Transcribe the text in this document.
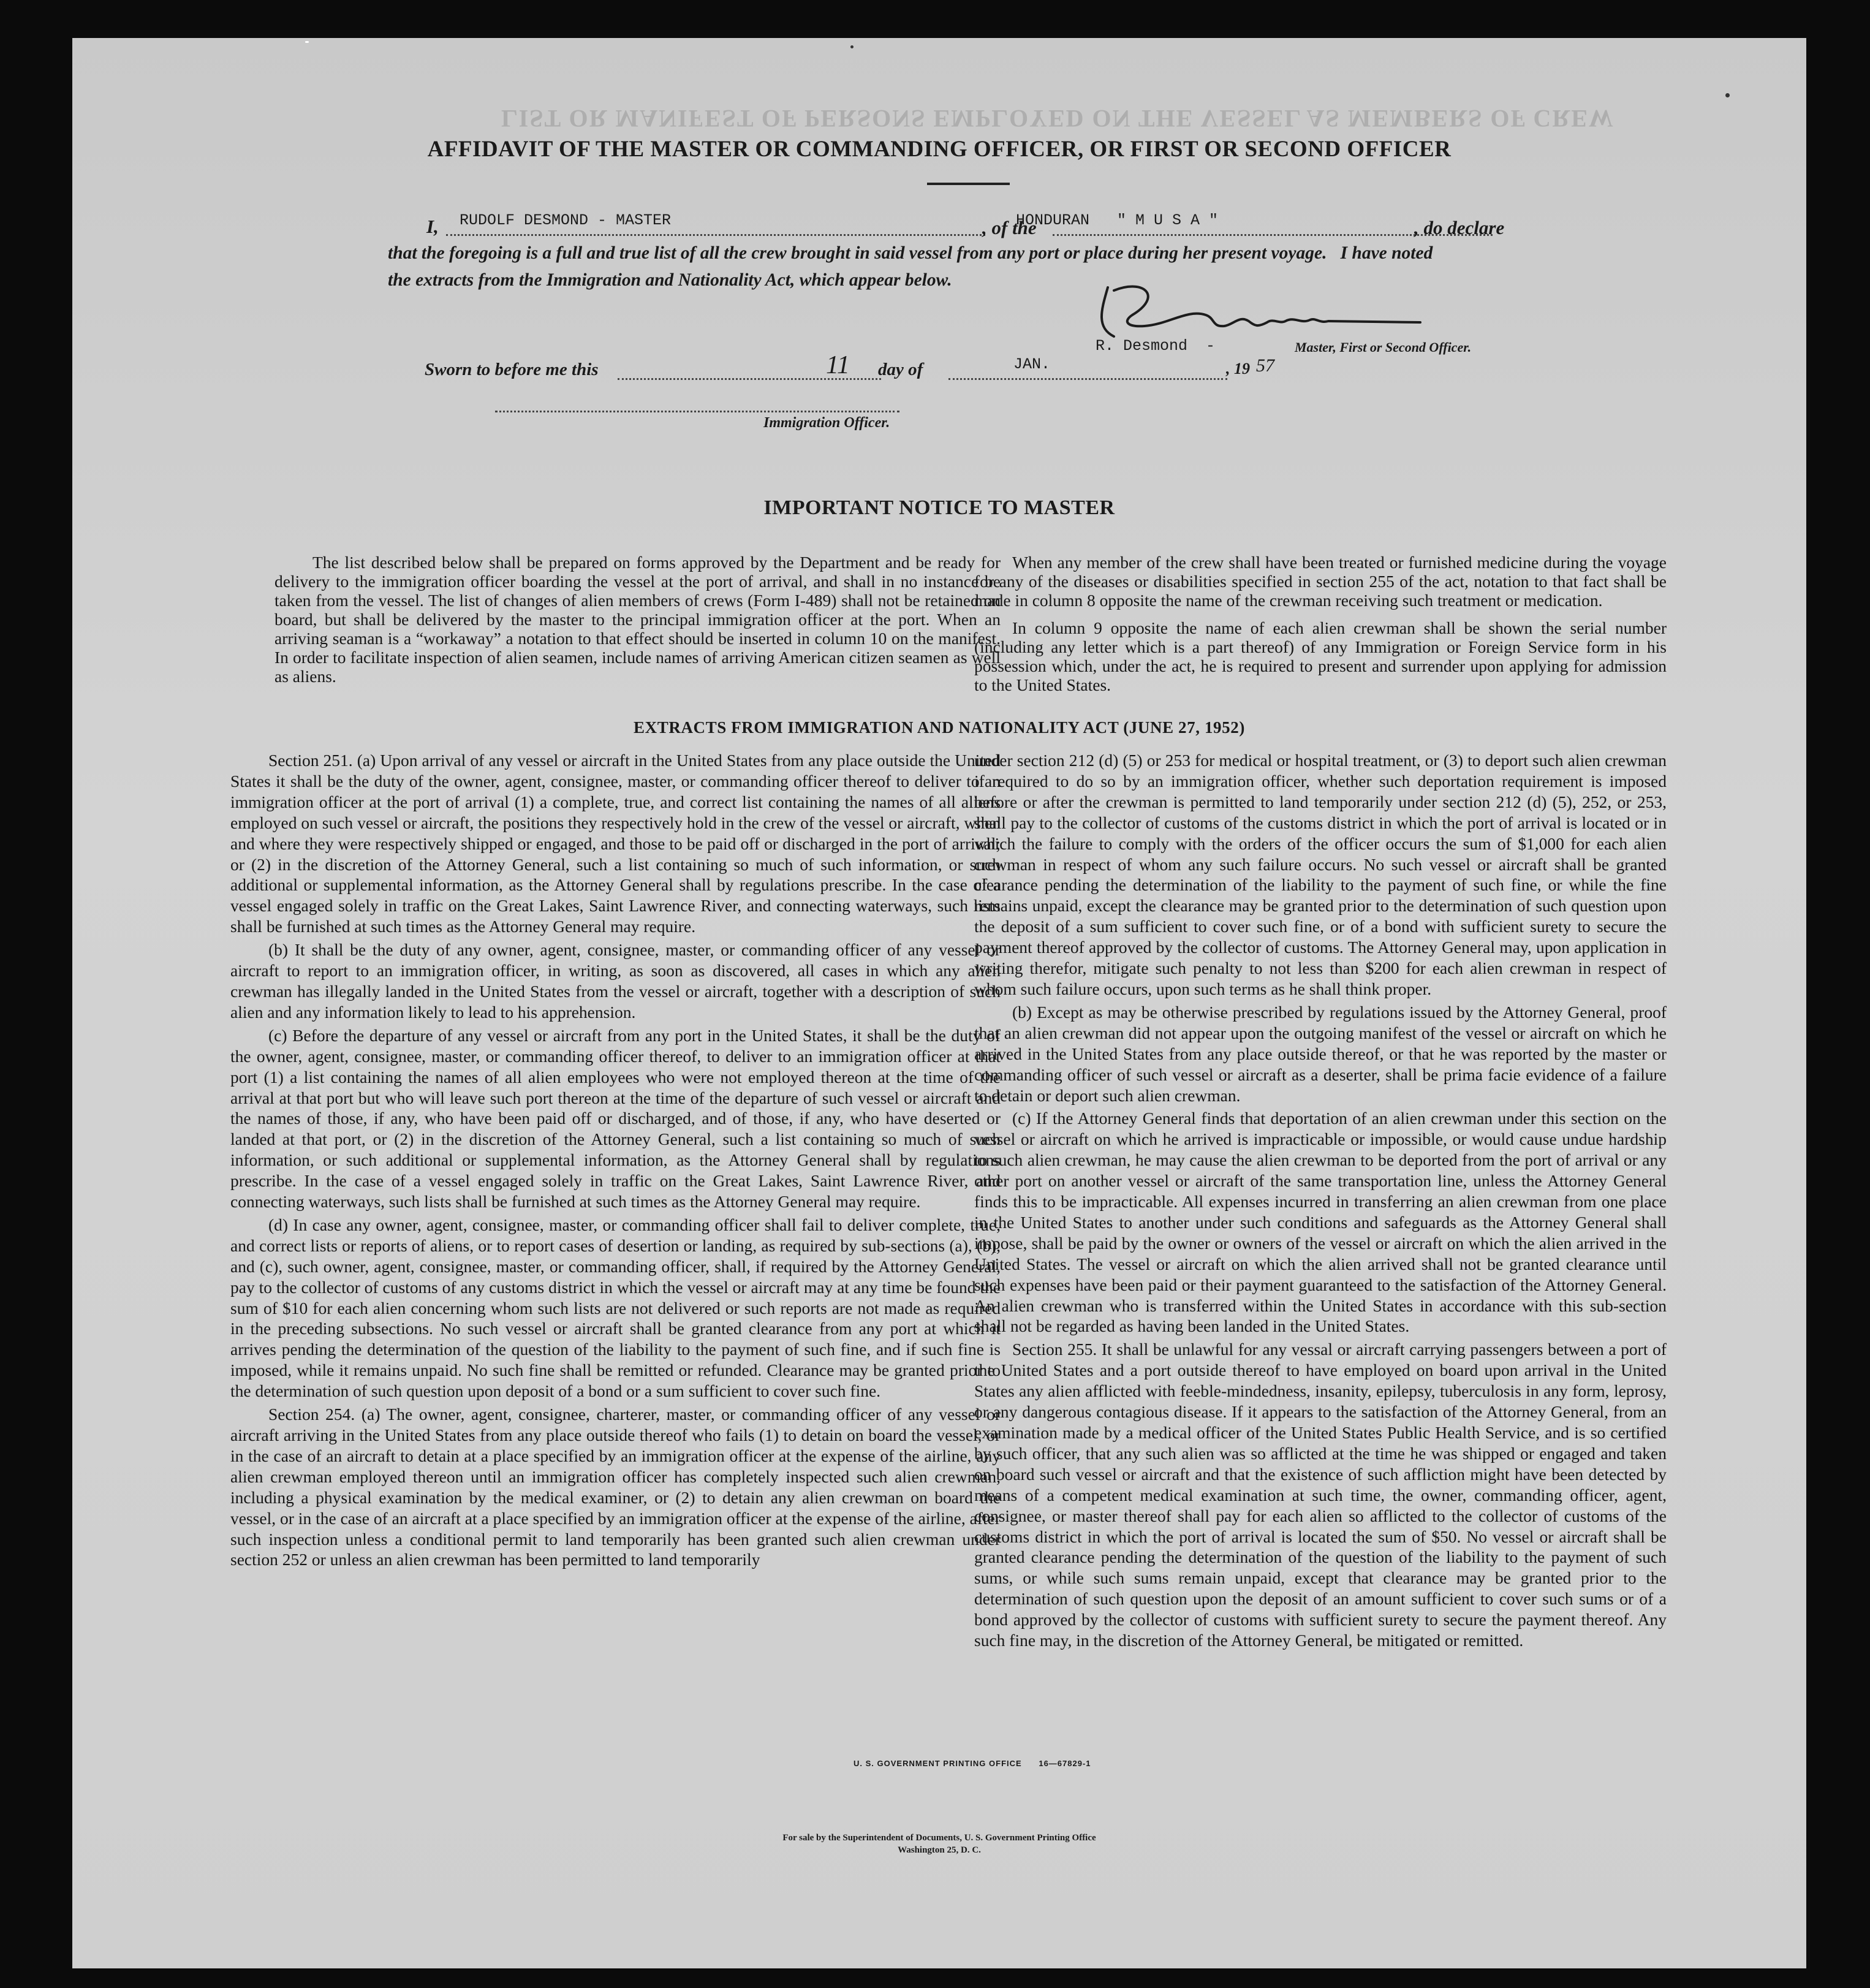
LIST OR MANIFEST OF PERSONS EMPLOYED ON THE VESSEL AS MEMBERS OF CREW
AFFIDAVIT OF THE MASTER OR COMMANDING OFFICER, OR FIRST OR SECOND OFFICER
I, RUDOLF DESMOND - MASTER	, of the
HONDURAN   " M U S A "	, do declare
that the foregoing is a full and true list of all the crew brought in said vessel from any port or place during her present voyage.   I have noted
the extracts from the Immigration and Nationality Act, which appear below.
R. Desmond  -	Master, First or Second Officer.
Sworn to before me this	11 day of	JAN.	, 19 57
Immigration Officer.
IMPORTANT NOTICE TO MASTER

The list described below shall be prepared on forms approved by the Department and be ready for delivery to the immigration officer boarding the vessel at the port of arrival, and shall in no instance be taken from the vessel. The list of changes of alien members of crews (Form I-489) shall not be retained on board, but shall be delivered by the master to the principal immigration officer at the port. When an arriving seaman is a “workaway” a notation to that effect should be inserted in column 10 on the manifest. In order to facilitate inspection of alien seamen, include names of arriving American citizen seamen as well as aliens.

When any member of the crew shall have been treated or furnished medicine during the voyage for any of the diseases or disabilities specified in section 255 of the act, notation to that fact shall be made in column 8 opposite the name of the crewman receiving such treatment or medication.

In column 9 opposite the name of each alien crewman shall be shown the serial number (including any letter which is a part thereof) of any Immigration or Foreign Service form in his possession which, under the act, he is required to present and surrender upon applying for admission to the United States.

EXTRACTS FROM IMMIGRATION AND NATIONALITY ACT (JUNE 27, 1952)

Section 251. (a) Upon arrival of any vessel or aircraft in the United States from any place outside the United States it shall be the duty of the owner, agent, consignee, master, or commanding officer thereof to deliver to an immigration officer at the port of arrival (1) a complete, true, and correct list containing the names of all aliens employed on such vessel or aircraft, the positions they respectively hold in the crew of the vessel or aircraft, when and where they were respectively shipped or engaged, and those to be paid off or discharged in the port of arrival; or (2) in the discretion of the Attorney General, such a list containing so much of such information, or such additional or supplemental information, as the Attorney General shall by regulations prescribe. In the case of a vessel engaged solely in traffic on the Great Lakes, Saint Lawrence River, and connecting waterways, such lists shall be furnished at such times as the Attorney General may require.

(b) It shall be the duty of any owner, agent, consignee, master, or commanding officer of any vessel or aircraft to report to an immigration officer, in writing, as soon as discovered, all cases in which any alien crewman has illegally landed in the United States from the vessel or aircraft, together with a description of such alien and any information likely to lead to his apprehension.

(c) Before the departure of any vessel or aircraft from any port in the United States, it shall be the duty of the owner, agent, consignee, master, or commanding officer thereof, to deliver to an immigration officer at that port (1) a list containing the names of all alien employees who were not employed thereon at the time of the arrival at that port but who will leave such port thereon at the time of the departure of such vessel or aircraft and the names of those, if any, who have been paid off or discharged, and of those, if any, who have deserted or landed at that port, or (2) in the discretion of the Attorney General, such a list containing so much of such information, or such additional or supplemental information, as the Attorney General shall by regulations prescribe. In the case of a vessel engaged solely in traffic on the Great Lakes, Saint Lawrence River, and connecting waterways, such lists shall be furnished at such times as the Attorney General may require.

(d) In case any owner, agent, consignee, master, or commanding officer shall fail to deliver complete, true, and correct lists or reports of aliens, or to report cases of desertion or landing, as required by sub-sections (a), (b), and (c), such owner, agent, consignee, master, or commanding officer, shall, if required by the Attorney General, pay to the collector of customs of any customs district in which the vessel or aircraft may at any time be found the sum of $10 for each alien concerning whom such lists are not delivered or such reports are not made as required in the preceding subsections. No such vessel or aircraft shall be granted clearance from any port at which it arrives pending the determination of the question of the liability to the payment of such fine, and if such fine is imposed, while it remains unpaid. No such fine shall be remitted or refunded. Clearance may be granted prior to the determination of such question upon deposit of a bond or a sum sufficient to cover such fine.

Section 254. (a) The owner, agent, consignee, charterer, master, or commanding officer of any vessel or aircraft arriving in the United States from any place outside thereof who fails (1) to detain on board the vessel, or in the case of an aircraft to detain at a place specified by an immigration officer at the expense of the airline, any alien crewman employed thereon until an immigration officer has completely inspected such alien crewman, including a physical examination by the medical examiner, or (2) to detain any alien crewman on board the vessel, or in the case of an aircraft at a place specified by an immigration officer at the expense of the airline, after such inspection unless a conditional permit to land temporarily has been granted such alien crewman under section 252 or unless an alien crewman has been permitted to land temporarily

under section 212 (d) (5) or 253 for medical or hospital treatment, or (3) to deport such alien crewman if required to do so by an immigration officer, whether such deportation requirement is imposed before or after the crewman is permitted to land temporarily under section 212 (d) (5), 252, or 253, shall pay to the collector of customs of the customs district in which the port of arrival is located or in which the failure to comply with the orders of the officer occurs the sum of $1,000 for each alien crewman in respect of whom any such failure occurs. No such vessel or aircraft shall be granted clearance pending the determination of the liability to the payment of such fine, or while the fine remains unpaid, except the clearance may be granted prior to the determination of such question upon the deposit of a sum sufficient to cover such fine, or of a bond with sufficient surety to secure the payment thereof approved by the collector of customs. The Attorney General may, upon application in writing therefor, mitigate such penalty to not less than $200 for each alien crewman in respect of whom such failure occurs, upon such terms as he shall think proper.

(b) Except as may be otherwise prescribed by regulations issued by the Attorney General, proof that an alien crewman did not appear upon the outgoing manifest of the vessel or aircraft on which he arrived in the United States from any place outside thereof, or that he was reported by the master or commanding officer of such vessel or aircraft as a deserter, shall be prima facie evidence of a failure to detain or deport such alien crewman.

(c) If the Attorney General finds that deportation of an alien crewman under this section on the vessel or aircraft on which he arrived is impracticable or impossible, or would cause undue hardship to such alien crewman, he may cause the alien crewman to be deported from the port of arrival or any other port on another vessel or aircraft of the same transportation line, unless the Attorney General finds this to be impracticable. All expenses incurred in transferring an alien crewman from one place in the United States to another under such conditions and safeguards as the Attorney General shall impose, shall be paid by the owner or owners of the vessel or aircraft on which the alien arrived in the United States. The vessel or aircraft on which the alien arrived shall not be granted clearance until such expenses have been paid or their payment guaranteed to the satisfaction of the Attorney General. An alien crewman who is transferred within the United States in accordance with this sub-section shall not be regarded as having been landed in the United States.

Section 255. It shall be unlawful for any vessal or aircraft carrying passengers between a port of the United States and a port outside thereof to have employed on board upon arrival in the United States any alien afflicted with feeble-mindedness, insanity, epilepsy, tuberculosis in any form, leprosy, or any dangerous contagious disease. If it appears to the satisfaction of the Attorney General, from an examination made by a medical officer of the United States Public Health Service, and is so certified by such officer, that any such alien was so afflicted at the time he was shipped or engaged and taken on board such vessel or aircraft and that the existence of such affliction might have been detected by means of a competent medical examination at such time, the owner, commanding officer, agent, consignee, or master thereof shall pay for each alien so afflicted to the collector of customs of the customs district in which the port of arrival is located the sum of $50. No vessel or aircraft shall be granted clearance pending the determination of the question of the liability to the payment of such sums, or while such sums remain unpaid, except that clearance may be granted prior to the determination of such question upon the deposit of an amount sufficient to cover such sums or of a bond approved by the collector of customs with sufficient surety to secure the payment thereof. Any such fine may, in the discretion of the Attorney General, be mitigated or remitted.

U. S. GOVERNMENT PRINTING OFFICE      16—67829-1
For sale by the Superintendent of Documents, U. S. Government Printing Office
Washington 25, D. C.
